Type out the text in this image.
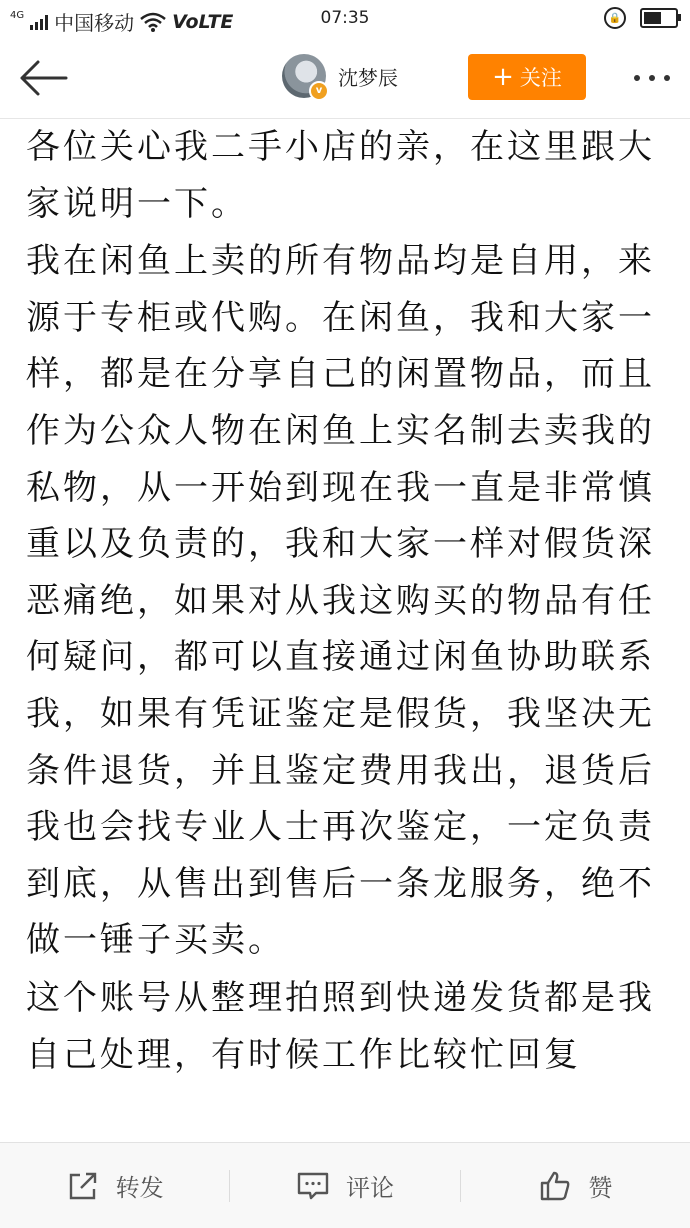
4G 中国移动 VoLTE	07:35	🔒
v
沈梦辰	+ 关注

各位关心我二手小店的亲，在这里跟大家说明一下。

我在闲鱼上卖的所有物品均是自用，来源于专柜或代购。在闲鱼，我和大家一样，都是在分享自己的闲置物品，而且作为公众人物在闲鱼上实名制去卖我的私物，从一开始到现在我一直是非常慎重以及负责的，我和大家一样对假货深恶痛绝，如果对从我这购买的物品有任何疑问，都可以直接通过闲鱼协助联系我，如果有凭证鉴定是假货，我坚决无条件退货，并且鉴定费用我出，退货后我也会找专业人士再次鉴定，一定负责到底，从售出到售后一条龙服务，绝不做一锤子买卖。

这个账号从整理拍照到快递发货都是我自己处理，有时候工作比较忙回复

转发	评论	赞
